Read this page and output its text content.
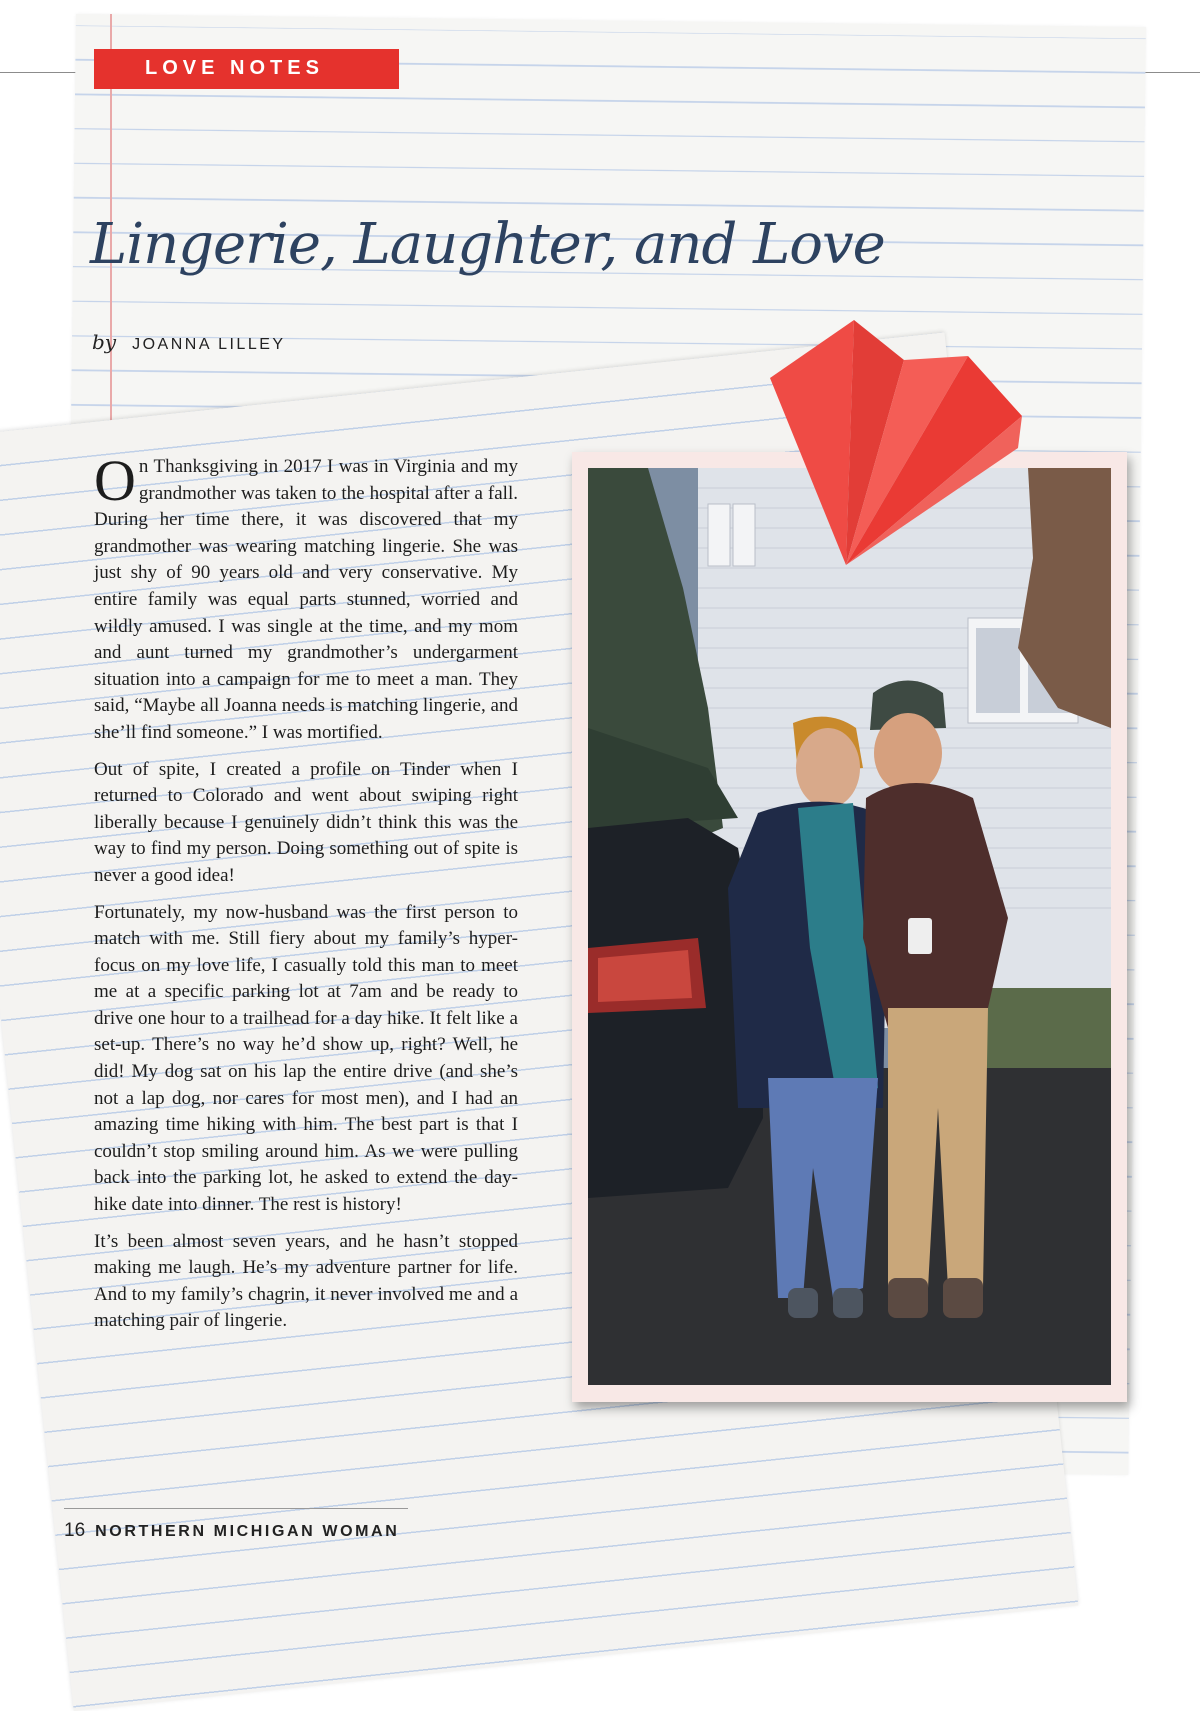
LOVE NOTES
Lingerie, Laughter, and Love
by JOANNA LILLEY

On Thanksgiving in 2017 I was in Virginia and my grandmother was taken to the hospital after a fall. During her time there, it was discovered that my grandmother was wearing matching lingerie. She was just shy of 90 years old and very conservative. My entire family was equal parts stunned, worried and wildly amused. I was single at the time, and my mom and aunt turned my grandmother’s undergarment situation into a campaign for me to meet a man. They said, “Maybe all Joanna needs is matching lingerie, and she’ll find someone.” I was mortified.

Out of spite, I created a profile on Tinder when I returned to Colorado and went about swiping right liberally because I genuinely didn’t think this was the way to find my person. Doing something out of spite is never a good idea!

Fortunately, my now-husband was the first person to match with me. Still fiery about my family’s hyper-focus on my love life, I casually told this man to meet me at a specific parking lot at 7am and be ready to drive one hour to a trailhead for a day hike. It felt like a set-up. There’s no way he’d show up, right? Well, he did! My dog sat on his lap the entire drive (and she’s not a lap dog, nor cares for most men), and I had an amazing time hiking with him. The best part is that I couldn’t stop smiling around him. As we were pulling back into the parking lot, he asked to extend the day-hike date into dinner. The rest is history!

It’s been almost seven years, and he hasn’t stopped making me laugh. He’s my adventure partner for life. And to my family’s chagrin, it never involved me and a matching pair of lingerie.

16 NORTHERN MICHIGAN WOMAN
